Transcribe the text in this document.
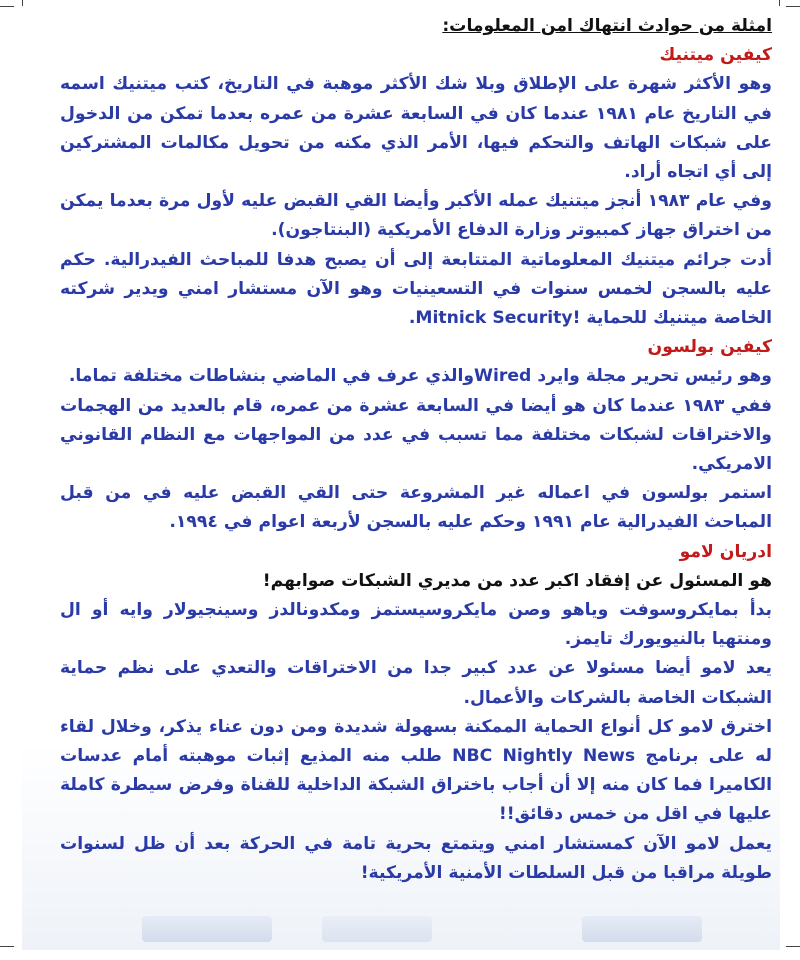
امثلة من حوادث انتهاك امن المعلومات:

كيفين ميتنيك

وهو الأكثر شهرة على الإطلاق وبلا شك الأكثر موهبة في التاريخ، كتب ميتنيك اسمه في التاريخ عام ١٩٨١ عندما كان في السابعة عشرة من عمره بعدما تمكن من الدخول على شبكات الهاتف والتحكم فيها، الأمر الذي مكنه من تحويل مكالمات المشتركين إلى أي اتجاه أراد.

وفي عام ١٩٨٣ أنجز ميتنيك عمله الأكبر وأيضا القي القبض عليه لأول مرة بعدما يمكن من اختراق جهاز كمبيوتر وزارة الدفاع الأمريكية (البنتاجون).

أدت جرائم ميتنيك المعلوماتية المتتابعة إلى أن يصبح هدفا للمباحث الفيدرالية. حكم عليه بالسجن لخمس سنوات في التسعينيات وهو الآن مستشار امني ويدير شركته الخاصة ميتنيك للحماية Mitnick Security!.

كيفين بولسون

وهو رئيس تحرير مجلة وايرد Wiredوالذي عرف في الماضي بنشاطات مختلفة تماما.

ففي ١٩٨٣ عندما كان هو أيضا في السابعة عشرة من عمره، قام بالعديد من الهجمات والاختراقات لشبكات مختلفة مما تسبب في عدد من المواجهات مع النظام القانوني الامريكي.

استمر بولسون في اعماله غير المشروعة حتى القي القبض عليه في من قبل المباحث الفيدرالية عام ١٩٩١ وحكم عليه بالسجن لأربعة اعوام في ١٩٩٤.

ادريان لامو

هو المسئول عن إفقاد اكبر عدد من مديري الشبكات صوابهم!

بدأ بمايكروسوفت وياهو وصن مايكروسيستمز ومكدونالدز وسينجيولار وايه أو ال ومنتهيا بالنيويورك تايمز.

يعد لامو أيضا مسئولا عن عدد كبير جدا من الاختراقات والتعدي على نظم حماية الشبكات الخاصة بالشركات والأعمال.

اخترق لامو كل أنواع الحماية الممكنة بسهولة شديدة ومن دون عناء يذكر، وخلال لقاء له على برنامج NBC Nightly News طلب منه المذيع إثبات موهبته أمام عدسات الكاميرا فما كان منه إلا أن أجاب باختراق الشبكة الداخلية للقناة وفرض سيطرة كاملة عليها في اقل من خمس دقائق!!

يعمل لامو الآن كمستشار امني ويتمتع بحرية تامة في الحركة بعد أن ظل لسنوات طويلة مراقبا من قبل السلطات الأمنية الأمريكية!
